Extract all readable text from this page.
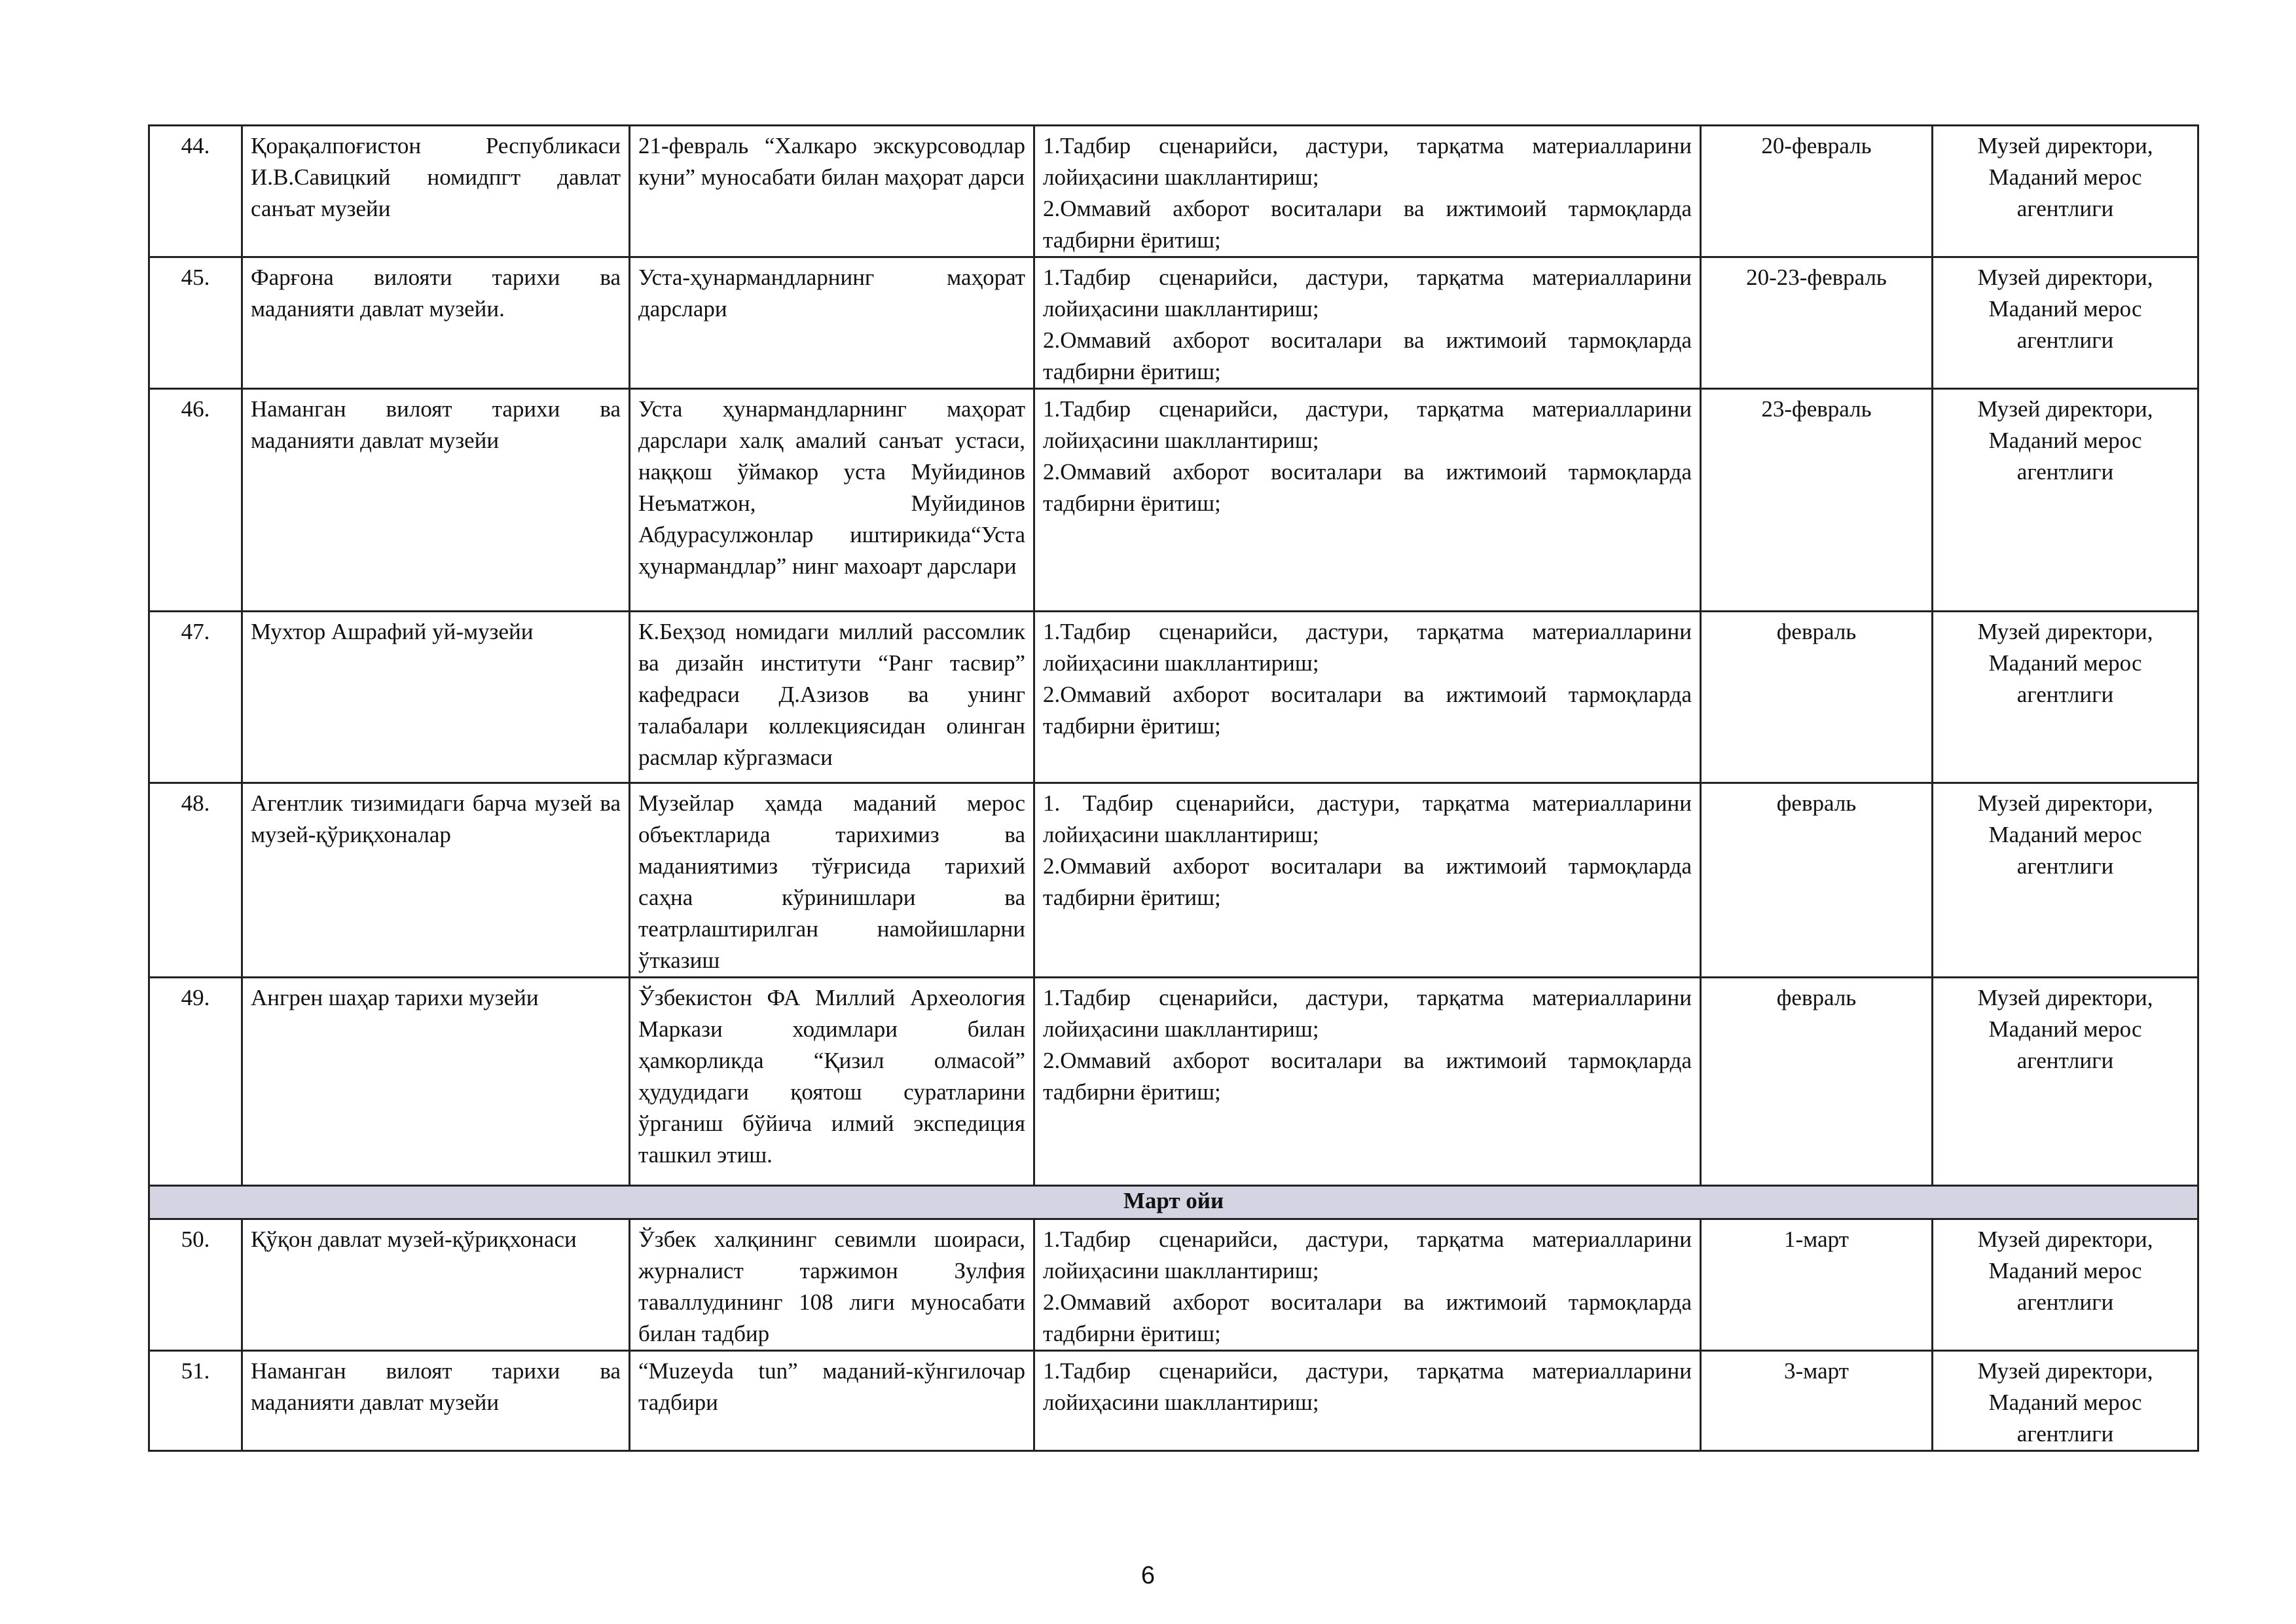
44.	Қорақалпоғистон Республикаси И.В.Савицкий номидпгт давлат санъат музейи	21-февраль “Халкаро экскурсоводлар куни” муносабати билан маҳорат дарси	1.Тадбир сценарийси, дастури, тарқатма материалларини лойиҳасини шакллантириш;
2.Оммавий ахборот воситалари ва ижтимоий тармоқларда тадбирни ёритиш;	20-февраль	Музей директори, Маданий мерос агентлиги
45.	Фарғона вилояти тарихи ва маданияти давлат музейи.	Уста-ҳунармандларнинг маҳорат дарслари	1.Тадбир сценарийси, дастури, тарқатма материалларини лойиҳасини шакллантириш;
2.Оммавий ахборот воситалари ва ижтимоий тармоқларда тадбирни ёритиш;	20-23-февраль	Музей директори, Маданий мерос агентлиги
46.	Наманган вилоят тарихи ва маданияти давлат музейи	Уста ҳунармандларнинг маҳорат дарслари халқ амалий санъат устаси, наққош ўймакор уста Муйидинов Неъматжон, Муйидинов Абдурасулжонлар иштирикида“Уста ҳунармандлар” нинг махоарт дарслари	1.Тадбир сценарийси, дастури, тарқатма материалларини лойиҳасини шакллантириш;
2.Оммавий ахборот воситалари ва ижтимоий тармоқларда тадбирни ёритиш;	23-февраль	Музей директори, Маданий мерос агентлиги
47.	Мухтор Ашрафий уй-музейи	К.Беҳзод номидаги миллий рассомлик ва дизайн институти “Ранг тасвир” кафедраси Д.Азизов ва унинг талабалари коллекциясидан олинган расмлар кўргазмаси	1.Тадбир сценарийси, дастури, тарқатма материалларини лойиҳасини шакллантириш;
2.Оммавий ахборот воситалари ва ижтимоий тармоқларда тадбирни ёритиш;	февраль	Музей директори, Маданий мерос агентлиги
48.	Агентлик тизимидаги барча музей ва музей-қўриқхоналар	Музейлар ҳамда маданий мерос объектларида тарихимиз ва маданиятимиз тўғрисида тарихий саҳна кўринишлари ва театрлаштирилган намойишларни ўтказиш	1. Тадбир сценарийси, дастури, тарқатма материалларини лойиҳасини шакллантириш;
2.Оммавий ахборот воситалари ва ижтимоий тармоқларда тадбирни ёритиш;	февраль	Музей директори, Маданий мерос агентлиги
49.	Ангрен шаҳар тарихи музейи	Ўзбекистон ФА Миллий Археология Маркази ходимлари билан ҳамкорликда “Қизил олмасой” ҳудудидаги қоятош суратларини ўрганиш бўйича илмий экспедиция ташкил этиш.	1.Тадбир сценарийси, дастури, тарқатма материалларини лойиҳасини шакллантириш;
2.Оммавий ахборот воситалари ва ижтимоий тармоқларда тадбирни ёритиш;	февраль	Музей директори, Маданий мерос агентлиги
Март ойи					
50.	Қўқон давлат музей-қўриқхонаси	Ўзбек халқининг севимли шоираси, журналист таржимон Зулфия таваллудининг 108 лиги муносабати билан тадбир	1.Тадбир сценарийси, дастури, тарқатма материалларини лойиҳасини шакллантириш;
2.Оммавий ахборот воситалари ва ижтимоий тармоқларда тадбирни ёритиш;	1-март	Музей директори, Маданий мерос агентлиги
51.	Наманган вилоят тарихи ва маданияти давлат музейи	“Muzeyda tun” маданий-кўнгилочар тадбири	1.Тадбир сценарийси, дастури, тарқатма материалларини лойиҳасини шакллантириш;	3-март	Музей директори, Маданий мерос агентлиги
6
